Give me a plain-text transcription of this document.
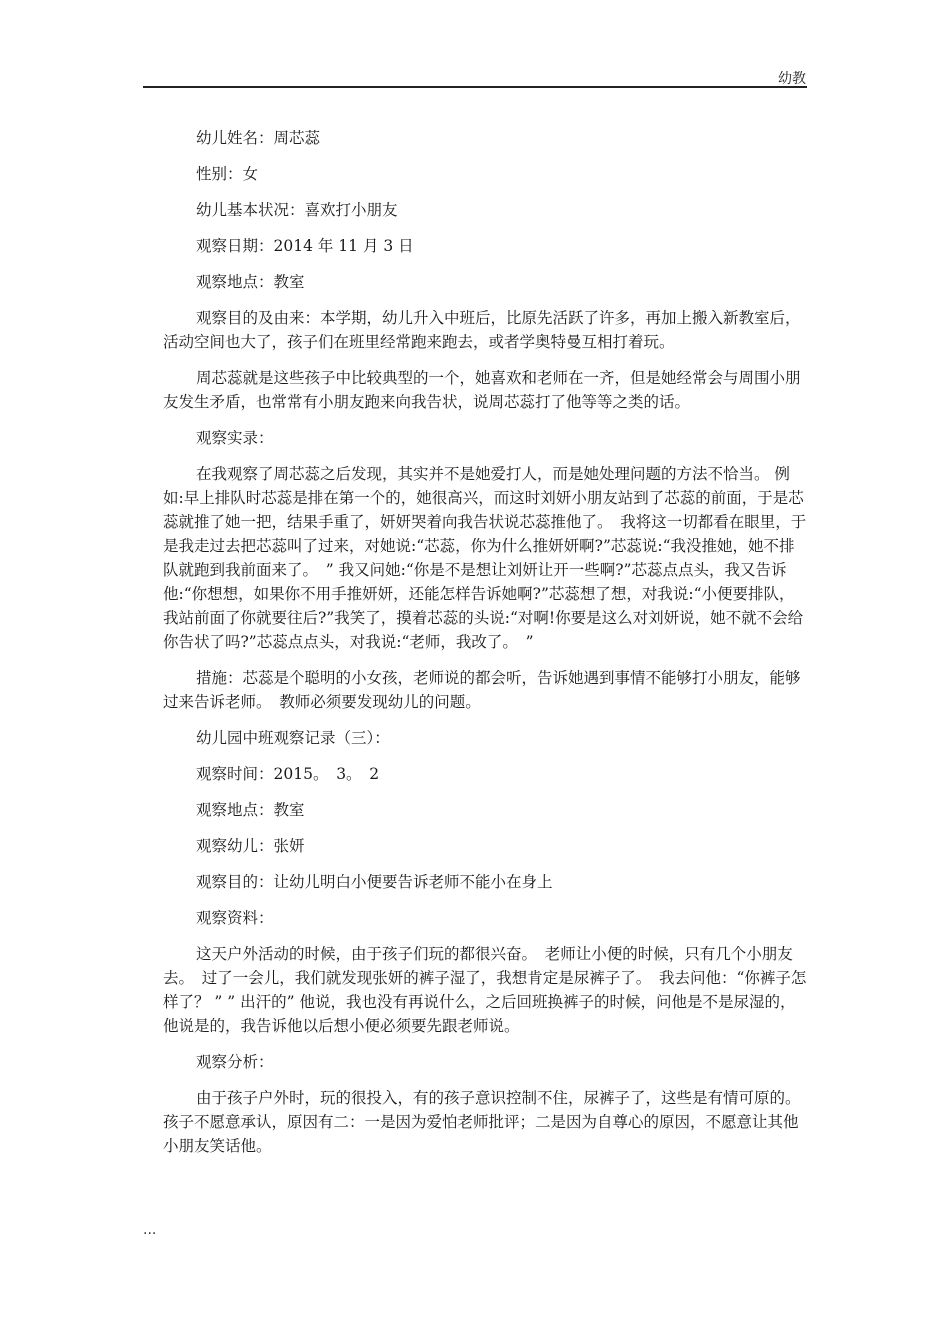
幼教

幼儿姓名：周芯蕊

性别：女

幼儿基本状况：喜欢打小朋友

观察日期：2014 年 11 月 3 日

观察地点：教室

观察目的及由来：本学期，幼儿升入中班后，比原先活跃了许多，再加上搬入新教室后，活动空间也大了，孩子们在班里经常跑来跑去，或者学奥特曼互相打着玩。

周芯蕊就是这些孩子中比较典型的一个，她喜欢和老师在一齐，但是她经常会与周围小朋友发生矛盾，也常常有小朋友跑来向我告状，说周芯蕊打了他等等之类的话。

观察实录：

在我观察了周芯蕊之后发现，其实并不是她爱打人，而是她处理问题的方法不恰当。 例如:早上排队时芯蕊是排在第一个的，她很高兴，而这时刘妍小朋友站到了芯蕊的前面，于是芯蕊就推了她一把，结果手重了，妍妍哭着向我告状说芯蕊推他了。　我将这一切都看在眼里，于是我走过去把芯蕊叫了过来，对她说:“芯蕊，你为什么推妍妍啊?”芯蕊说:“我没推她，她不排队就跑到我前面来了。　” 我又问她:“你是不是想让刘妍让开一些啊?”芯蕊点点头，我又告诉他:“你想想，如果你不用手推妍妍，还能怎样告诉她啊?”芯蕊想了想，对我说:“小便要排队，我站前面了你就要往后?”我笑了，摸着芯蕊的头说:“对啊!你要是这么对刘妍说，她不就不会给你告状了吗?”芯蕊点点头，对我说:“老师，我改了。　”

措施：芯蕊是个聪明的小女孩，老师说的都会听，告诉她遇到事情不能够打小朋友，能够过来告诉老师。　教师必须要发现幼儿的问题。

幼儿园中班观察记录（三）：

观察时间：2015。　3。　2

观察地点：教室

观察幼儿：张妍

观察目的：让幼儿明白小便要告诉老师不能小在身上

观察资料：

这天户外活动的时候，由于孩子们玩的都很兴奋。　老师让小便的时候，只有几个小朋友去。　过了一会儿，我们就发现张妍的裤子湿了，我想肯定是尿裤子了。　我去问他：“你裤子怎样了？ ” ” 出汗的” 他说，我也没有再说什么，之后回班换裤子的时候，问他是不是尿湿的，他说是的，我告诉他以后想小便必须要先跟老师说。

观察分析：

由于孩子户外时，玩的很投入，有的孩子意识控制不住，尿裤子了，这些是有情可原的。　孩子不愿意承认，原因有二：一是因为爱怕老师批评；二是因为自尊心的原因，不愿意让其他小朋友笑话他。

...
